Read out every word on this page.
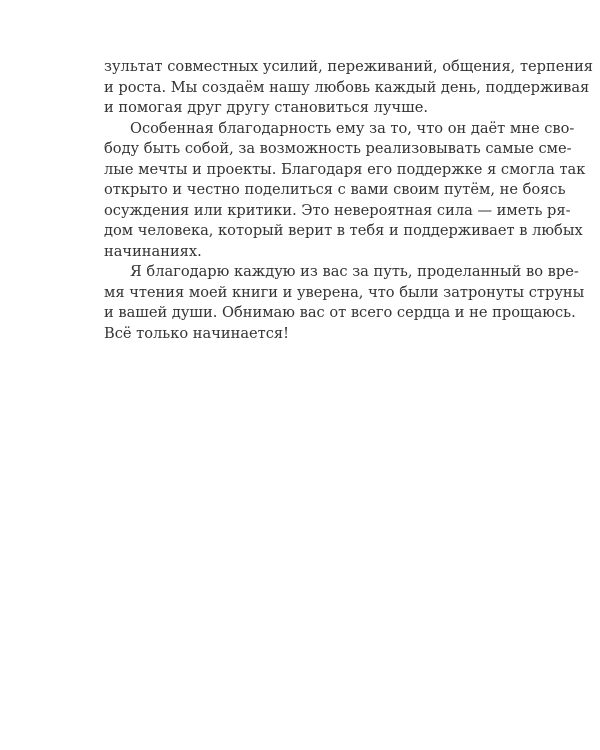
зультат совместных усилий, переживаний, общения, терпения
и роста. Мы создаём нашу любовь каждый день, поддерживая
и помогая друг другу становиться лучше.

Особенная благодарность ему за то, что он даёт мне сво-
боду быть собой, за возможность реализовывать самые сме-
лые мечты и проекты. Благодаря его поддержке я смогла так
открыто и честно поделиться с вами своим путём, не боясь
осуждения или критики. Это невероятная сила — иметь ря-
дом человека, который верит в тебя и поддерживает в любых
начинаниях.

Я благодарю каждую из вас за путь, проделанный во вре-
мя чтения моей книги и уверена, что были затронуты струны
и вашей души. Обнимаю вас от всего сердца и не прощаюсь.
Всё только начинается!
